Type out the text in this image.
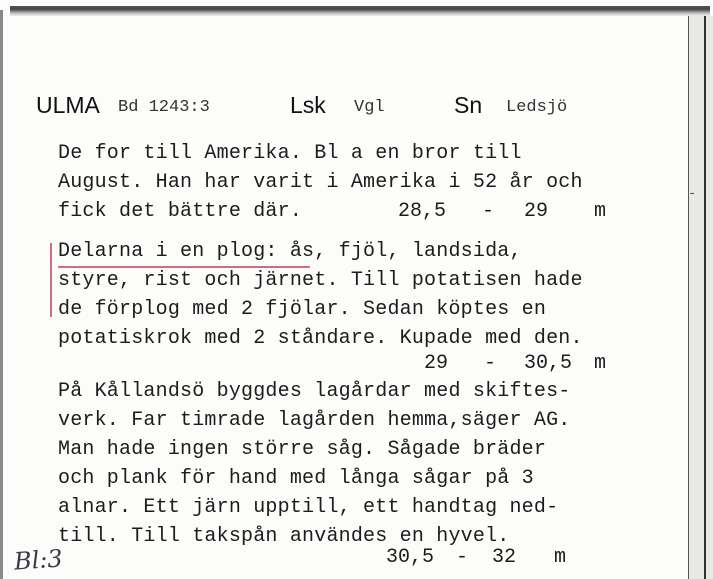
ULMA Bd 1243:3	Lsk Vgl	Sn Ledsjö
De for till Amerika. Bl a en bror till
August. Han har varit i Amerika i 52 år och
fick det bättre där.	28,5 - 29 m
-
Delarna i en plog: ås, fjöl, landsida,
styre, rist och järnet. Till potatisen hade
de förplog med 2 fjölar. Sedan köptes en
potatiskrok med 2 ståndare. Kupade med den.
29 - 30,5 m
På Kållandsö byggdes lagårdar med skiftes-
verk. Far timrade lagården hemma,säger AG.
Man hade ingen större såg. Sågade bräder
och plank för hand med långa sågar på 3
alnar. Ett järn upptill, ett handtag ned-
till. Till takspån användes en hyvel.
30,5 - 32 m
Bl:3
